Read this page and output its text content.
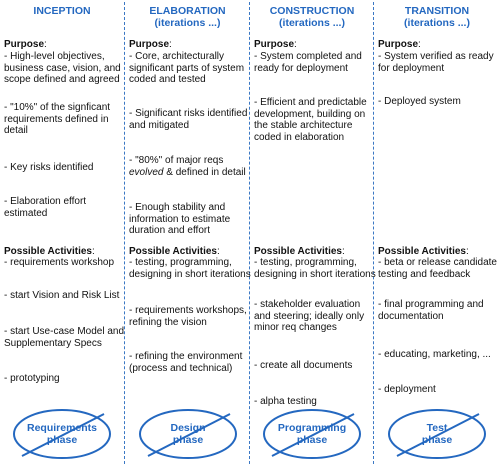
INCEPTION
Purpose:
- High-level objectives,
business case, vision, and
scope defined and agreed
- "10%" of the signficant
requirements defined in
detail
- Key risks identified
- Elaboration effort
estimated
Possible Activities:
- requirements workshop
- start Vision and Risk List
- start Use-case Model and
Supplementary Specs
- prototyping
Requirements
phase
ELABORATION
(iterations ...)
Purpose:
- Core, architecturally
significant parts of system
coded and tested
- Significant risks identified
and mitigated
- "80%" of major reqs
evolved & defined in detail
- Enough stability and
information to estimate
duration and effort
Possible Activities:
- testing, programming,
designing in short iterations
- requirements workshops,
refining the vision
- refining the environment
(process and technical)
Design
phase
CONSTRUCTION
(iterations ...)
Purpose:
- System completed and
ready for deployment
- Efficient and predictable
development, building on
the stable architecture
coded in elaboration
Possible Activities:
- testing, programming,
designing in short iterations
- stakeholder evaluation
and steering; ideally only
minor req changes
- create all documents
- alpha testing
Programming
phase
TRANSITION
(iterations ...)
Purpose:
- System verified as ready
for deployment
- Deployed system
Possible Activities:
- beta or release candidate
testing and feedback
- final programming and
documentation
- educating, marketing, ...
- deployment
Test
phase
